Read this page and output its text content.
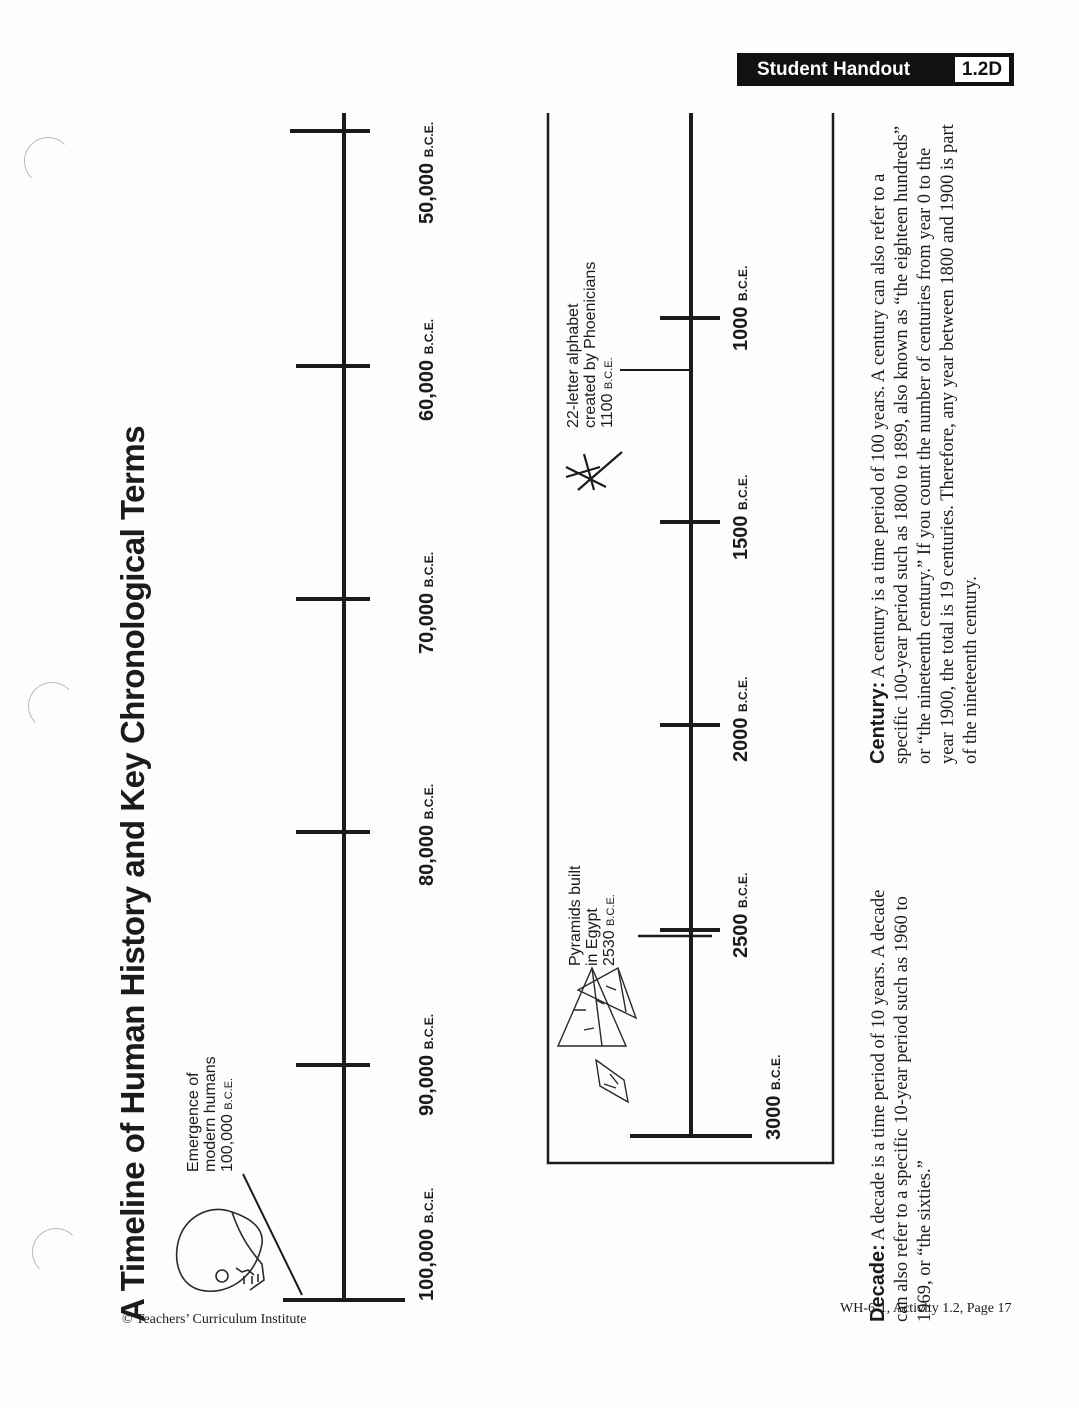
Student Handout	1.2D
A Timeline of Human History and Key Chronological Terms	100,000 B.C.E.
90,000 B.C.E.
80,000 B.C.E.
70,000 B.C.E.
60,000 B.C.E.
50,000 B.C.E.
Emergence of modern humans 100,000 B.C.E.
3000 B.C.E.
2500 B.C.E.
2000 B.C.E.
1500 B.C.E.
1000 B.C.E.
Pyramids built in Egypt 2530 B.C.E.
22-letter alphabet created by Phoenicians 1100 B.C.E.
Decade: A decade is a time period of 10 years. A decade can also refer to a specific 10-year period such as 1960 to 1969, or “the sixties.”
Century: A century is a time period of 100 years. A century can also refer to a specific 100-year period such as 1800 to 1899, also known as “the eighteen hundreds” or “the nineteenth century.” If you count the number of centuries from year 0 to the year 1900, the total is 19 centuries. Therefore, any year between 1800 and 1900 is part of the nineteenth century.
© Teachers’ Curriculum Institute
WH-6-1, Activity 1.2, Page 17
